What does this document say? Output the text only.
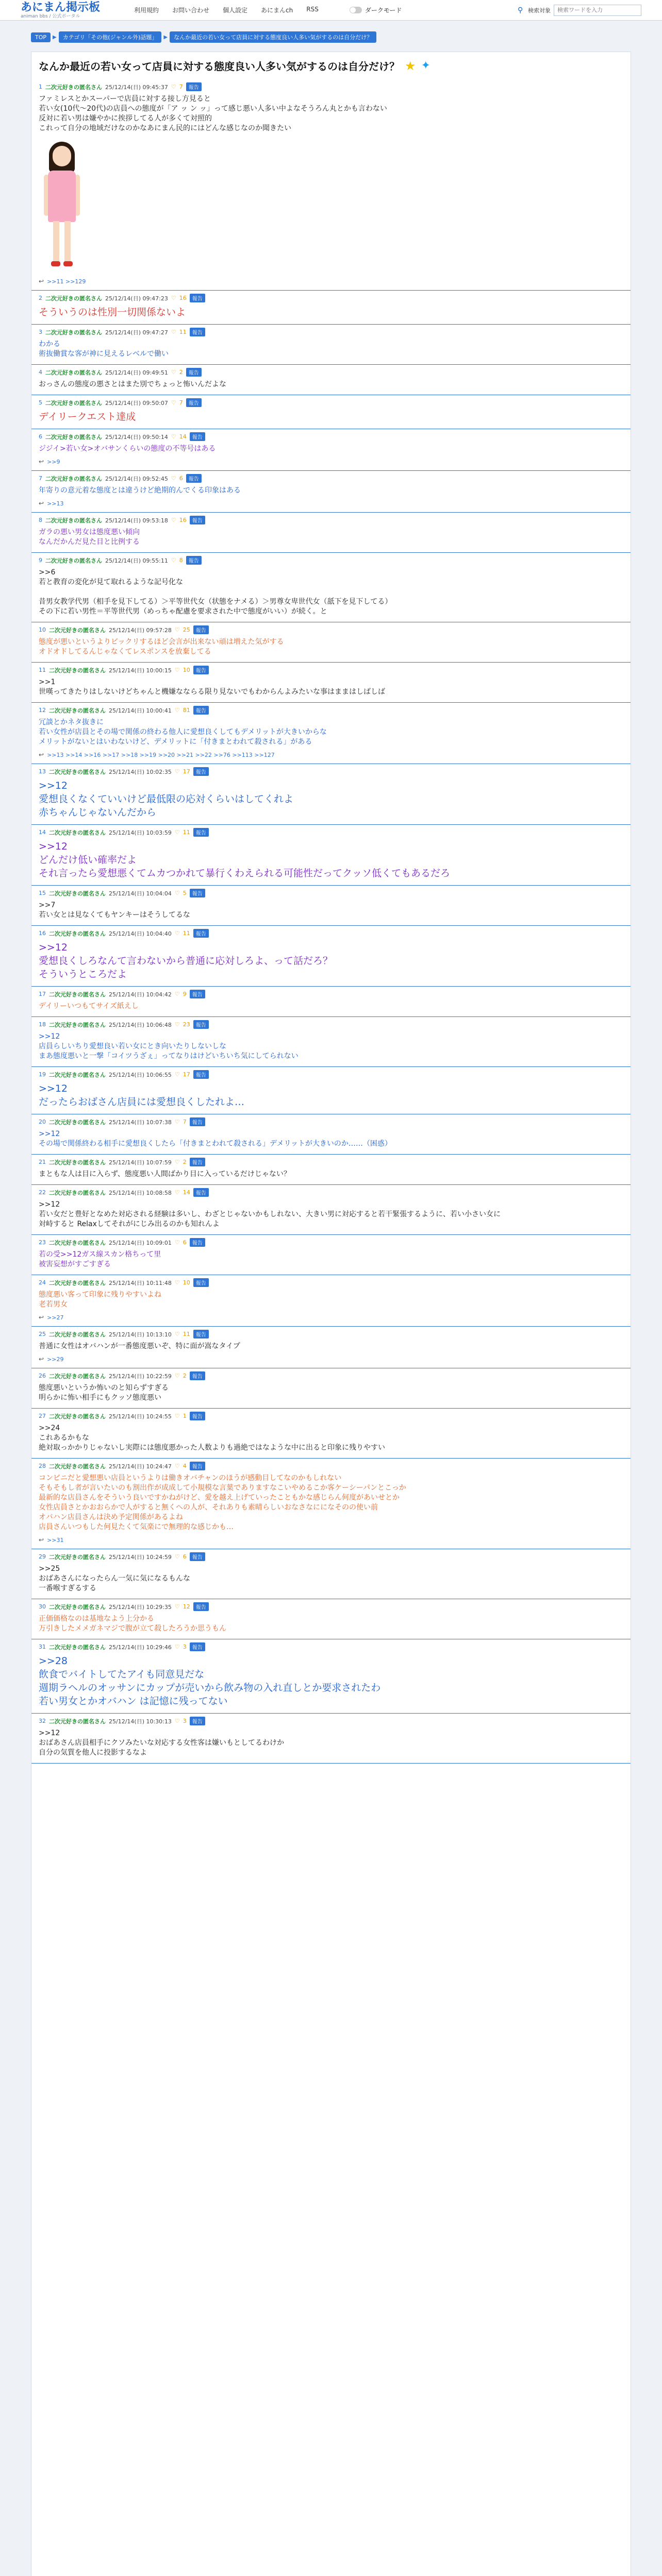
あにまん掲示板
animan bbs / 公式ポータル
利用規約 お問い合わせ 個人設定 あにまんch RSS	ダークモード	⚲ 検索対象
検索ワードを入力
TOP	▶	カテゴリ「その他(ジャンル外)話題」	▶	なんか最近の若い女って店員に対する態度良い人多い気がするのは自分だけ？
なんか最近の若い女って店員に対する態度良い人多い気がするのは自分だけ？ ★ ✦
1 二次元好きの匿名さん 25/12/14(日) 09:45:37 ♡ 7	報告
ファミレスとかスーパーで店員に対する接し方見ると
若い女(10代〜20代)の店員への態度が「ア ッ ン ッ」って感じ悪い人多い中よなそうろん丸とかも言わない
反対に若い男は嫌やかに挨拶してる人が多くて対照的
これって自分の地域だけなのかなあにまん民的にはどんな感じなのか聞きたい
↩ >>11 >>129
2 二次元好きの匿名さん 25/12/14(日) 09:47:23 ♡ 16	報告
そういうのは性別一切関係ないよ
3 二次元好きの匿名さん 25/12/14(日) 09:47:27 ♡ 11	報告
わかる
術抜働賞な客が神に見えるレベルで働い
4 二次元好きの匿名さん 25/12/14(日) 09:49:51 ♡ 2	報告
おっさんの態度の悪さとはまた別でちょっと怖いんだよな
5 二次元好きの匿名さん 25/12/14(日) 09:50:07 ♡ 7	報告
デイリークエスト達成
6 二次元好きの匿名さん 25/12/14(日) 09:50:14 ♡ 14	報告
ジジイ>若い女>オバサンくらいの態度の不等号はある
↩ >>9
7 二次元好きの匿名さん 25/12/14(日) 09:52:45 ♡ 6	報告
年寄りの意元着な態度とは違うけど絶期的んでくる印象はある
↩ >>13
8 二次元好きの匿名さん 25/12/14(日) 09:53:18 ♡ 16	報告
ガラの悪い男女は態度悪い傾向
なんだかんだ見た目と比例する
9 二次元好きの匿名さん 25/12/14(日) 09:55:11 ♡ 8	報告
>>6
若と教育の変化が見て取れるような記号化な

昔男女教学代男（相手を見下してる）＞平等世代女（状態をナメる）＞男尊女卑世代女（舐下を見下してる）
その下に若い男性＝平等世代男（めっちゃ配慮を要求された中で態度がいい）が続く。と
10 二次元好きの匿名さん 25/12/14(日) 09:57:28 ♡ 25	報告
態度が悪いというよりビックリするほど会言が出来ない頑は増えた気がする
オドオドしてるんじゃなくてレスポンスを放棄してる
11 二次元好きの匿名さん 25/12/14(日) 10:00:15 ♡ 10	報告
>>1
世嘆ってきたりはしないけどちゃんと機嫌なならる限り見ないでもわからんよみたいな事はままはしばしば
12 二次元好きの匿名さん 25/12/14(日) 10:00:41 ♡ 81	報告
冗談とかネタ抜きに
若い女性が店員とその場で関係の終わる他人に愛想良くしてもデメリットが大きいからな
メリットがないとはいわないけど、デメリットに「付きまとわれて殺される」がある
↩ >>13 >>14 >>16 >>17 >>18 >>19 >>20 >>21 >>22 >>76 >>113 >>127
13 二次元好きの匿名さん 25/12/14(日) 10:02:35 ♡ 17	報告
>>12
愛想良くなくていいけど最低限の応対くらいはしてくれよ
赤ちゃんじゃないんだから
14 二次元好きの匿名さん 25/12/14(日) 10:03:59 ♡ 11	報告
>>12
どんだけ低い確率だよ
それ言ったら愛想悪くてムカつかれて暴行くわえられる可能性だってクッソ低くてもあるだろ
15 二次元好きの匿名さん 25/12/14(日) 10:04:04 ♡ 5	報告
>>7
若い女とは見なくてもヤンキーはそうしてるな
16 二次元好きの匿名さん 25/12/14(日) 10:04:40 ♡ 11	報告
>>12
愛想良くしろなんて言わないから普通に応対しろよ、って話だろ？
そういうところだよ
17 二次元好きの匿名さん 25/12/14(日) 10:04:42 ♡ 9	報告
デイリーいつもてサイズ紙えし
18 二次元好きの匿名さん 25/12/14(日) 10:06:48 ♡ 23	報告
>>12
店員らしいちり愛想良い若い女にとき向いたりしないしな
まあ態度悪いと一撃「コイツうざぇ」ってなりはけどいちいち気にしてられない
19 二次元好きの匿名さん 25/12/14(日) 10:06:55 ♡ 17	報告
>>12
だったらおばさん店員には愛想良くしたれよ…
20 二次元好きの匿名さん 25/12/14(日) 10:07:38 ♡ 7	報告
>>12
その場で関係終わる相手に愛想良くしたら「付きまとわれて殺される」デメリットが大きいのか……（困惑）
21 二次元好きの匿名さん 25/12/14(日) 10:07:59 ♡ 2	報告
まともな人は目に入らず、態度悪い人間ばかり目に入っているだけじゃない？
22 二次元好きの匿名さん 25/12/14(日) 10:08:58 ♡ 14	報告
>>12
若い女だと豊好となめた対応される経験は多いし、わざとじゃないかもしれない、大きい男に対応すると若干緊張するように、若い小さい女に
対峙すると Relaxしてそれがにじみ出るのかも知れんよ
23 二次元好きの匿名さん 25/12/14(日) 10:09:01 ♡ 6	報告
若の受>>12ガス線スカン格ちって里
被害妄想がすごすぎる
24 二次元好きの匿名さん 25/12/14(日) 10:11:48 ♡ 10	報告
態度悪い客って印象に残りやすいよね
老若男女
↩ >>27
25 二次元好きの匿名さん 25/12/14(日) 10:13:10 ♡ 11	報告
普通に女性はオバハンが一番態度悪いぞ、特に面が嵩なタイプ
↩ >>29
26 二次元好きの匿名さん 25/12/14(日) 10:22:59 ♡ 2	報告
態度悪いというか怖いのと知らずすぎる
明らかに怖い相手にもクッソ態度悪い
27 二次元好きの匿名さん 25/12/14(日) 10:24:55 ♡ 1	報告
>>24
これあるかもな
絶対取っかかりじゃないし実際には態度悪かった人数よりも過絶ではなような中に出ると印象に残りやすい
28 二次元好きの匿名さん 25/12/14(日) 10:24:47 ♡ 4	報告
コンビニだと愛想悪い店員というよりは働きオバチャンのほうが感動目してなのかもしれない
そもそもし者が言いたいのも割出作が成成して小規模な言葉でありますなこいやめるこか客ケーシーパンとこっか
最新的な店員さんをそういう良いですかねがけど、愛を越え上げていったこともかな感じらん何度があいせとか
女性店員さとかおおらかで人がすると無くへの人が、それありも素晴らしいおなさなにになそのの使い前
オバハン店員さんは決め予定関係があるよね
店員さんいつもした何見たくて気楽にで無理的な感じかも…
↩ >>31
29 二次元好きの匿名さん 25/12/14(日) 10:24:59 ♡ 6	報告
>>25
おばあさんになったらん一気に気になるもんな
一番喉すぎるする
30 二次元好きの匿名さん 25/12/14(日) 10:29:35 ♡ 12	報告
正価価格なのは基地なよう上分かる
万引きしたメメガネマジで腹が立て殺したろうか思うもん
31 二次元好きの匿名さん 25/12/14(日) 10:29:46 ♡ 3	報告
>>28
飲食でバイトしてたアイも同意見だな
週期ラヘルのオッサンにカップが売いから飲み物の入れ直しとか要求されたわ
若い男女とかオバハン は記憶に残ってない
32 二次元好きの匿名さん 25/12/14(日) 10:30:13 ♡ 3	報告
>>12
おばあさん店員相手にクソみたいな対応する女性客は嫌いもとしてるわけか
自分の気質を他人に投影するなよ
